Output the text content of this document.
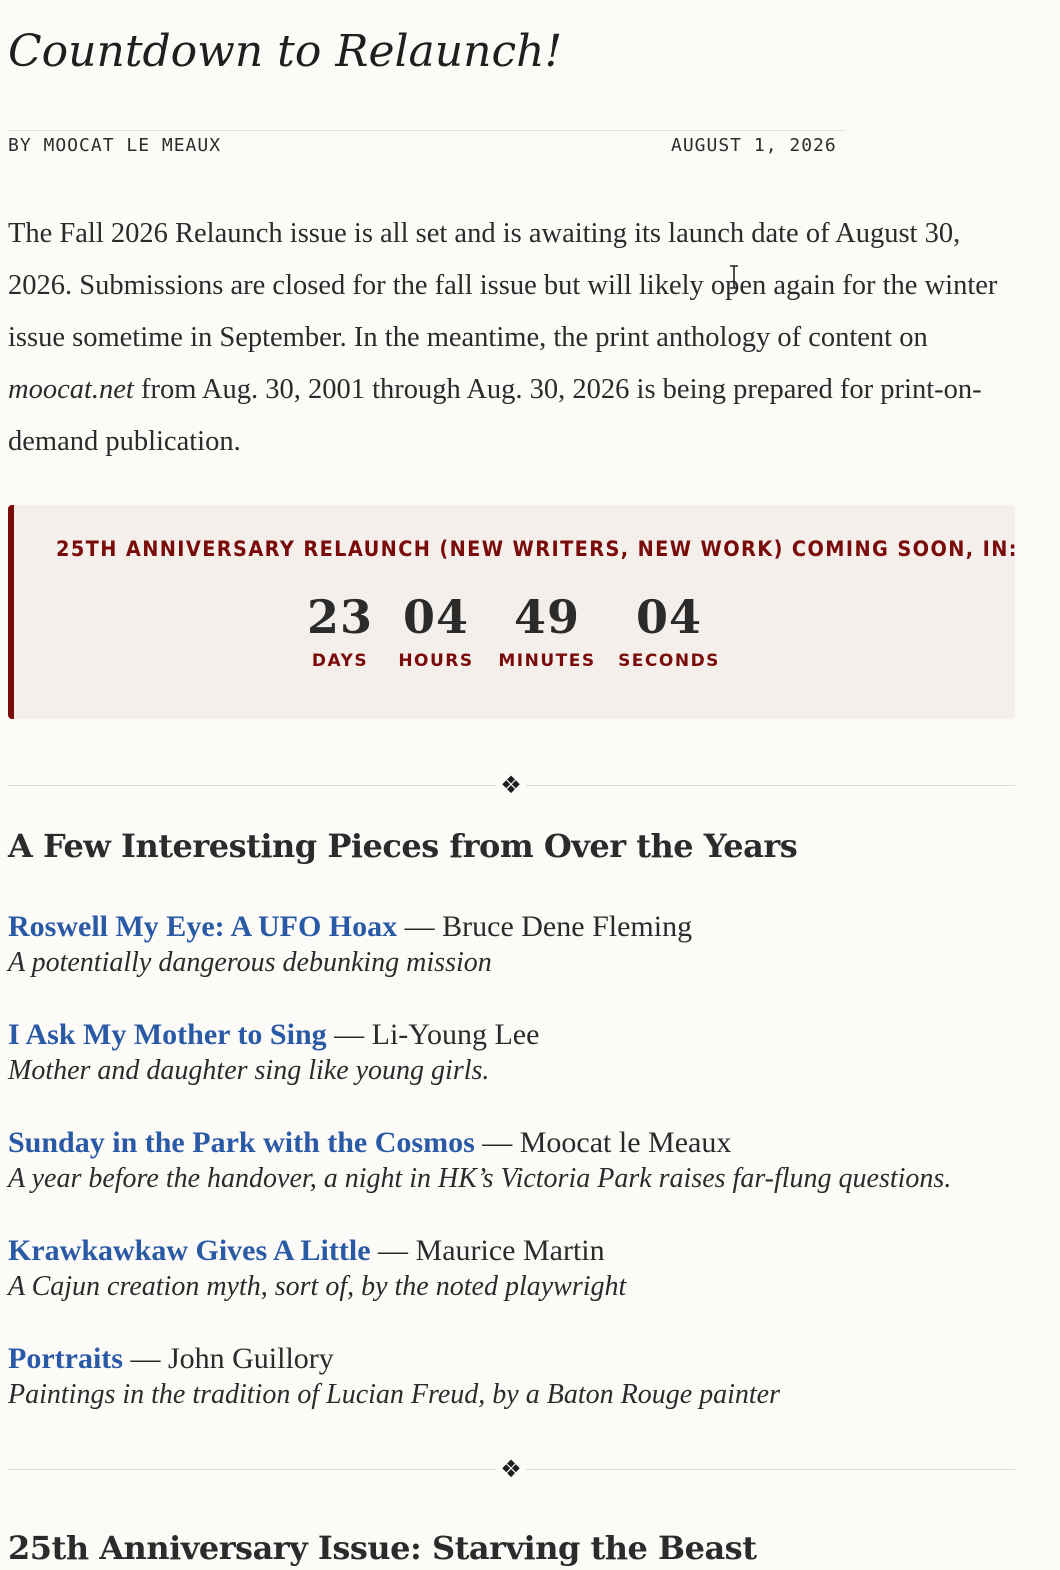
Countdown to Relaunch!
BY MOOCAT LE MEAUX	AUGUST 1, 2026

The Fall 2026 Relaunch issue is all set and is awaiting its launch date of August 30, 2026. Submissions are closed for the fall issue but will likely open again for the winter issue sometime in September. In the meantime, the print anthology of content on moocat.net from Aug. 30, 2001 through Aug. 30, 2026 is being prepared for print-on-demand publication.

25TH ANNIVERSARY RELAUNCH (NEW WRITERS, NEW WORK) COMING SOON, IN:
23
DAYS
04
HOURS
49
MINUTES
04
SECONDS
❖
A Few Interesting Pieces from Over the Years
Roswell My Eye: A UFO Hoax — Bruce Dene Fleming
A potentially dangerous debunking mission
I Ask My Mother to Sing — Li-Young Lee
Mother and daughter sing like young girls.
Sunday in the Park with the Cosmos — Moocat le Meaux
A year before the handover, a night in HK’s Victoria Park raises far-flung questions.
Krawkawkaw Gives A Little — Maurice Martin
A Cajun creation myth, sort of, by the noted playwright
Portraits — John Guillory
Paintings in the tradition of Lucian Freud, by a Baton Rouge painter
❖
25th Anniversary Issue: Starving the Beast
